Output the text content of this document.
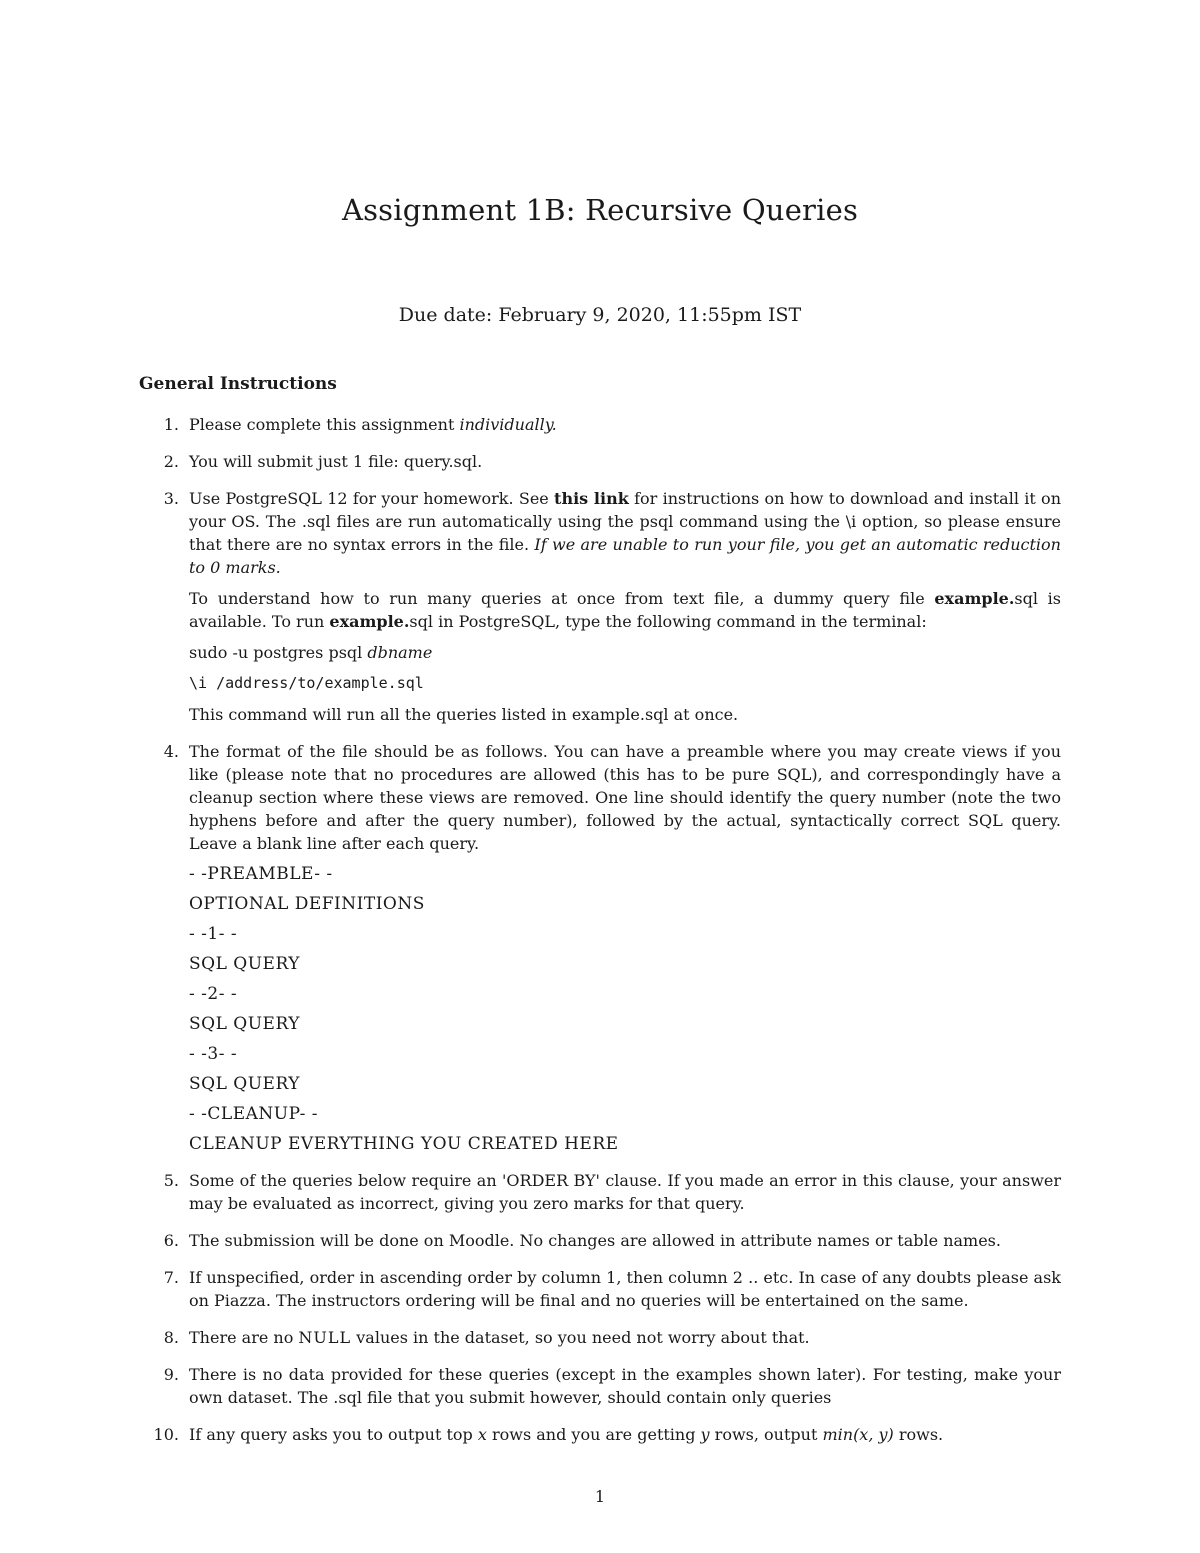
Assignment 1B: Recursive Queries
Due date: February 9, 2020, 11:55pm IST
General Instructions
1. Please complete this assignment individually.

2. You will submit just 1 file: query.sql.

3. Use PostgreSQL 12 for your homework. See this link for instructions on how to download and install it on your OS. The .sql files are run automatically using the psql command using the \i option, so please ensure that there are no syntax errors in the file. If we are unable to run your file, you get an automatic reduction to 0 marks.

To understand how to run many queries at once from text file, a dummy query file example.sql is available. To run example.sql in PostgreSQL, type the following command in the terminal:

sudo -u postgres psql dbname
\i /address/to/example.sql

This command will run all the queries listed in example.sql at once.

4. The format of the file should be as follows. You can have a preamble where you may create views if you like (please note that no procedures are allowed (this has to be pure SQL), and correspondingly have a cleanup section where these views are removed. One line should identify the query number (note the two hyphens before and after the query number), followed by the actual, syntactically correct SQL query. Leave a blank line after each query.

- -PREAMBLE- -
OPTIONAL DEFINITIONS
- -1- -
SQL QUERY
- -2- -
SQL QUERY
- -3- -
SQL QUERY
- -CLEANUP- -
CLEANUP EVERYTHING YOU CREATED HERE
5. Some of the queries below require an 'ORDER BY' clause. If you made an error in this clause, your answer may be evaluated as incorrect, giving you zero marks for that query.

6. The submission will be done on Moodle. No changes are allowed in attribute names or table names.

7. If unspecified, order in ascending order by column 1, then column 2 .. etc. In case of any doubts please ask on Piazza. The instructors ordering will be final and no queries will be entertained on the same.

8. There are no NULL values in the dataset, so you need not worry about that.

9. There is no data provided for these queries (except in the examples shown later). For testing, make your own dataset. The .sql file that you submit however, should contain only queries

10. If any query asks you to output top x rows and you are getting y rows, output min(x, y) rows.

1
